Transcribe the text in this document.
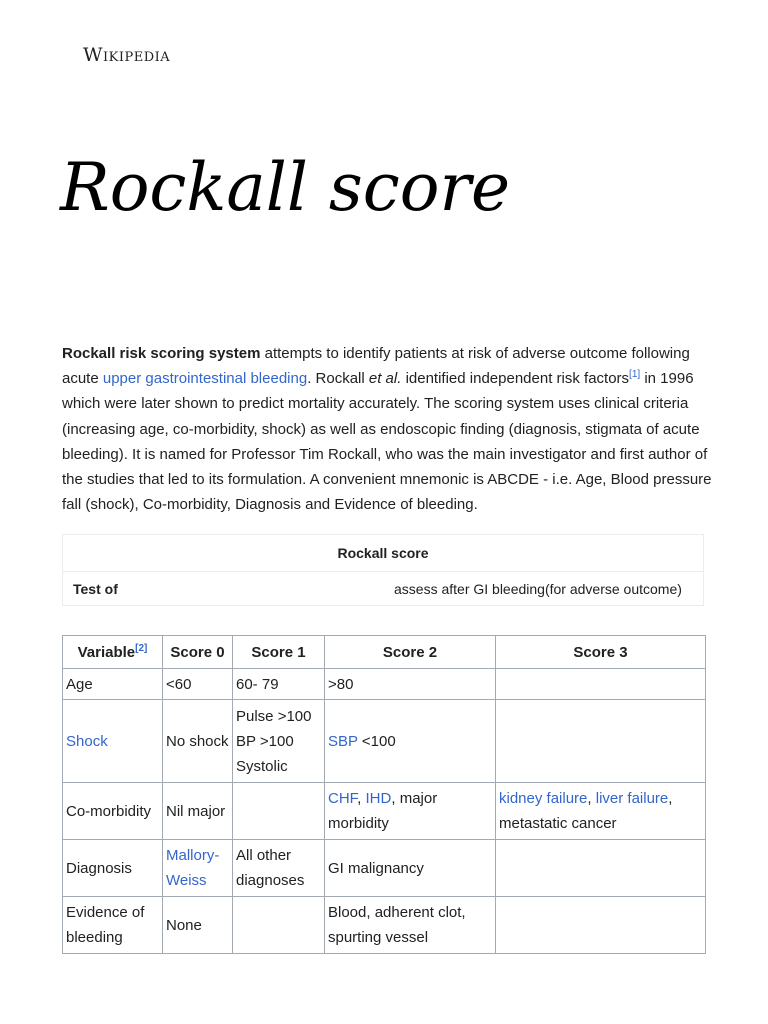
Wikipedia
Rockall score

Rockall risk scoring system attempts to identify patients at risk of adverse outcome following acute upper gastrointestinal bleeding. Rockall et al. identified independent risk factors[1] in 1996 which were later shown to predict mortality accurately. The scoring system uses clinical criteria (increasing age, co-morbidity, shock) as well as endoscopic finding (diagnosis, stigmata of acute bleeding). It is named for Professor Tim Rockall, who was the main investigator and first author of the studies that led to its formulation. A convenient mnemonic is ABCDE - i.e. Age, Blood pressure fall (shock), Co-morbidity, Diagnosis and Evidence of bleeding.

Rockall score
Test of	assess after GI bleeding(for adverse outcome)
Variable[2]	Score 0	Score 1	Score 2	Score 3
Age	<60	60- 79	>80	
Shock	No shock	Pulse >100 BP >100 Systolic	SBP <100	
Co-morbidity	Nil major		CHF, IHD, major morbidity	kidney failure, liver failure, metastatic cancer
Diagnosis	Mallory-Weiss	All other diagnoses	GI malignancy	
Evidence of bleeding	None		Blood, adherent clot, spurting vessel	
